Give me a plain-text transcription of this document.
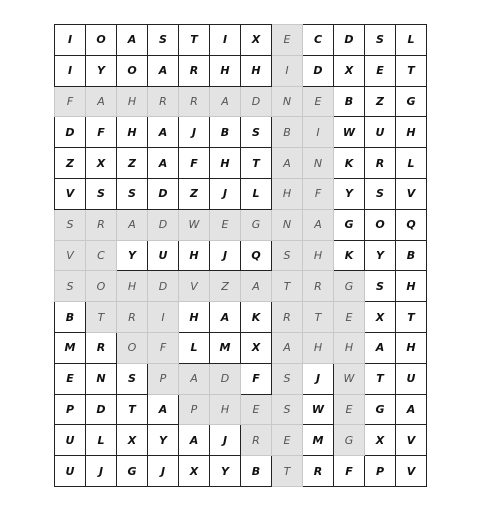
I	O	A	S	T	I	X	E	C	D	S	L
I	Y	O	A	R	H	H	I	D	X	E	T
F	A	H	R	R	A	D	N	E	B	Z	G
D	F	H	A	J	B	S	B	I	W	U	H
Z	X	Z	A	F	H	T	A	N	K	R	L
V	S	S	D	Z	J	L	H	F	Y	S	V
S	R	A	D	W	E	G	N	A	G	O	Q
V	C	Y	U	H	J	Q	S	H	K	Y	B
S	O	H	D	V	Z	A	T	R	G	S	H
B	T	R	I	H	A	K	R	T	E	X	T
M	R	O	F	L	M	X	A	H	H	A	H
E	N	S	P	A	D	F	S	J	W	T	U
P	D	T	A	P	H	E	S	W	E	G	A
U	L	X	Y	A	J	R	E	M	G	X	V
U	J	G	J	X	Y	B	T	R	F	P	V
